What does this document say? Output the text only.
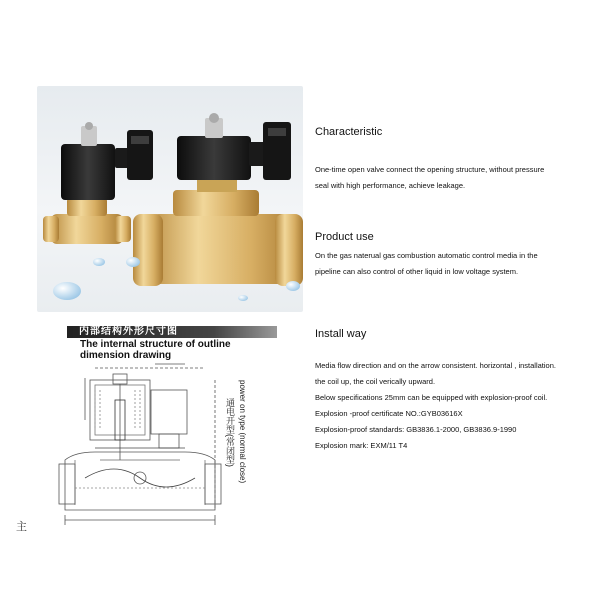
Characteristic

One-time open valve connect the opening structure, without pressure

seal with high performance, achieve leakage.

Product use

On the gas naterual gas combustion automatic control media in the

pipeline can also control of other liquid in low voltage system.

Install way

Media flow direction and on the arrow consistent. horizontal , installation.

the coil up, the coil verically upward.

Below specifications 25mm can be equipped with explosion-proof coil.

Explosion -proof certificate NO.:GYB03616X

Explosion-proof standards: GB3836.1-2000, GB3836.9-1990

Explosion mark: EXM/11 T4

内部结构外形尺寸图
The internal structure of outline
dimension drawing
power on type (normal close)
通电开型(常闭型)
主
